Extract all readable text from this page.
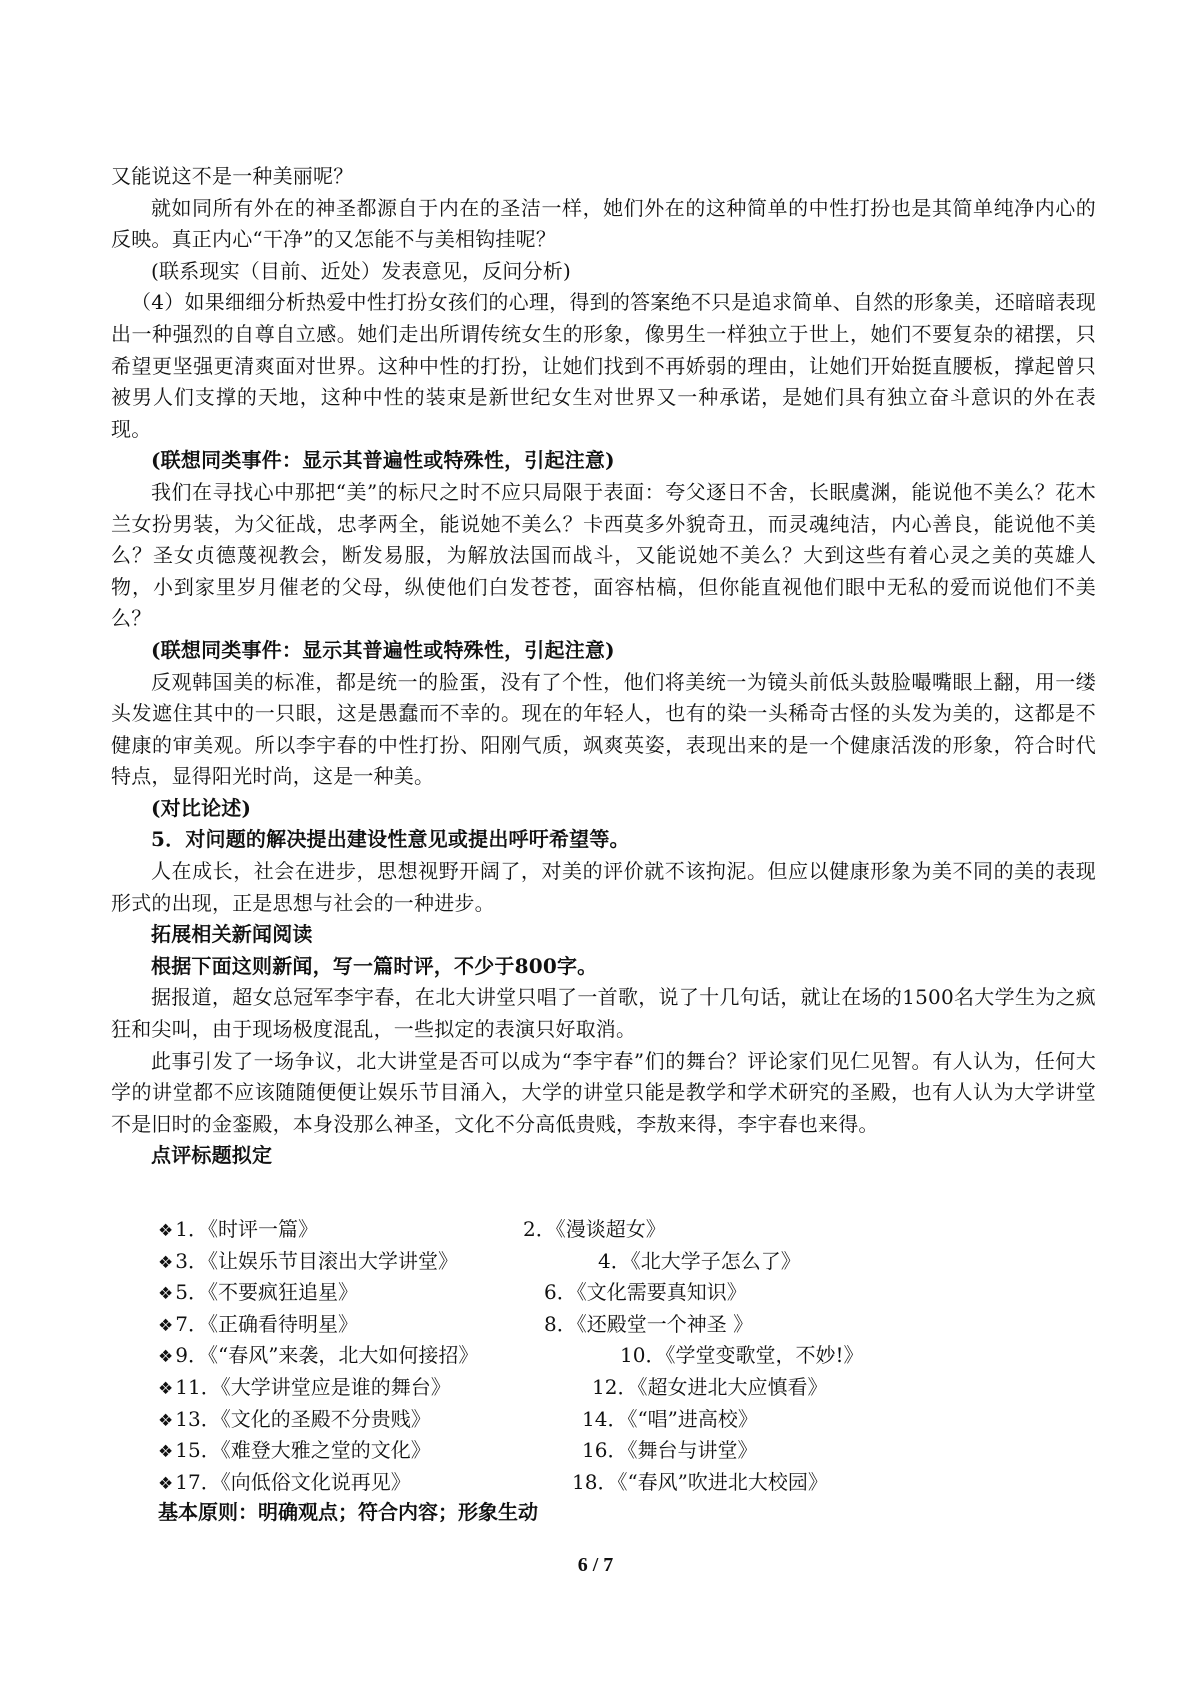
又能说这不是一种美丽呢？

就如同所有外在的神圣都源自于内在的圣洁一样，她们外在的这种简单的中性打扮也是其简单纯净内心的反映。真正内心“干净”的又怎能不与美相钩挂呢？

(联系现实（目前、近处）发表意见，反问分析)

（4）如果细细分析热爱中性打扮女孩们的心理，得到的答案绝不只是追求简单、自然的形象美，还暗暗表现出一种强烈的自尊自立感。她们走出所谓传统女生的形象，像男生一样独立于世上，她们不要复杂的裙摆，只希望更坚强更清爽面对世界。这种中性的打扮，让她们找到不再娇弱的理由，让她们开始挺直腰板，撑起曾只被男人们支撑的天地，这种中性的装束是新世纪女生对世界又一种承诺，是她们具有独立奋斗意识的外在表现。

(联想同类事件：显示其普遍性或特殊性，引起注意)

我们在寻找心中那把“美”的标尺之时不应只局限于表面：夸父逐日不舍，长眠虞渊，能说他不美么？花木兰女扮男装，为父征战，忠孝两全，能说她不美么？卡西莫多外貌奇丑，而灵魂纯洁，内心善良，能说他不美么？圣女贞德蔑视教会，断发易服，为解放法国而战斗，又能说她不美么？大到这些有着心灵之美的英雄人物，小到家里岁月催老的父母，纵使他们白发苍苍，面容枯槁，但你能直视他们眼中无私的爱而说他们不美么？

(联想同类事件：显示其普遍性或特殊性，引起注意)

反观韩国美的标准，都是统一的脸蛋，没有了个性，他们将美统一为镜头前低头鼓脸嘬嘴眼上翻，用一缕头发遮住其中的一只眼，这是愚蠢而不幸的。现在的年轻人，也有的染一头稀奇古怪的头发为美的，这都是不健康的审美观。所以李宇春的中性打扮、阳刚气质，飒爽英姿，表现出来的是一个健康活泼的形象，符合时代特点，显得阳光时尚，这是一种美。

(对比论述)

5．对问题的解决提出建设性意见或提出呼吁希望等。

人在成长，社会在进步，思想视野开阔了，对美的评价就不该拘泥。但应以健康形象为美不同的美的表现形式的出现，正是思想与社会的一种进步。

拓展相关新闻阅读

根据下面这则新闻，写一篇时评，不少于800字。

据报道，超女总冠军李宇春，在北大讲堂只唱了一首歌，说了十几句话，就让在场的1500名大学生为之疯狂和尖叫，由于现场极度混乱，一些拟定的表演只好取消。

此事引发了一场争议，北大讲堂是否可以成为“李宇春”们的舞台？评论家们见仁见智。有人认为，任何大学的讲堂都不应该随随便便让娱乐节目涌入，大学的讲堂只能是教学和学术研究的圣殿，也有人认为大学讲堂不是旧时的金銮殿，本身没那么神圣，文化不分高低贵贱，李敖来得，李宇春也来得。

点评标题拟定

❖ 1．《时评一篇》	2．《漫谈超女》
❖ 3．《让娱乐节目滚出大学讲堂》	4．《北大学子怎么了》
❖ 5．《不要疯狂追星》	6．《文化需要真知识》
❖ 7．《正确看待明星》	8．《还殿堂一个神圣 》
❖ 9．《“春风”来袭，北大如何接招》	10．《学堂变歌堂，不妙!》
❖ 11．《大学讲堂应是谁的舞台》	12．《超女进北大应慎看》
❖ 13．《文化的圣殿不分贵贱》	14．《“唱”进高校》
❖ 15．《难登大雅之堂的文化》	16．《舞台与讲堂》
❖ 17．《向低俗文化说再见》	18．《“春风”吹进北大校园》
基本原则：明确观点；符合内容；形象生动
6 / 7
